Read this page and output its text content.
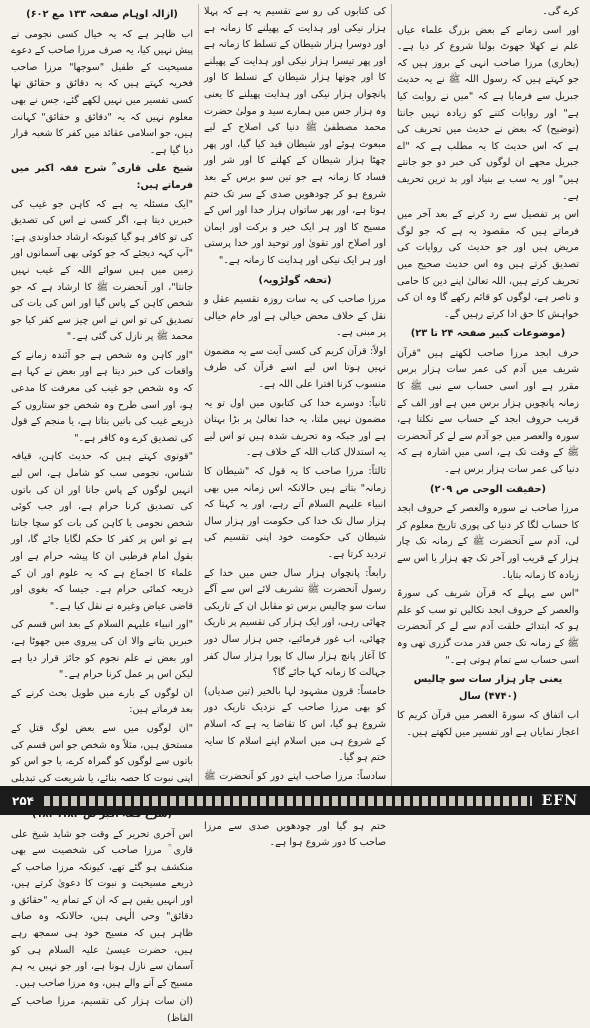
کرے گی۔

اور اسی زمانے کے بعض بزرگ علماء عیاں علم نے کھلا جھوٹ بولنا شروع کر دیا ہے۔ (بخاری) مرزا صاحب انہی کے بروز ہیں کہ جو کہتے ہیں کہ رسول اللہ ﷺ نے یہ حدیث جبریل سے فرمایا ہے کہ "میں نے روایت کیا ہے" اور روایات کتنے کو زیادہ نہیں جانتا (توضیح) کہ بعض نے حدیث میں تحریف کی ہے کہ اس حدیث کا یہ مطلب ہے کہ "اے جبریل مجھے ان لوگوں کی خبر دو جو جانتے ہیں" اور یہ سب بے بنیاد اور بد ترین تحریف ہے۔

اس پر تفصیل سے رد کرنے کے بعد آخر میں فرماتے ہیں کہ مقصود یہ ہے کہ جو لوگ مریض ہیں اور جو حدیث کی روایات کی تصدیق کرتے ہیں وہ اس حدیث صحیح میں تحریف کرتے ہیں، اللہ تعالیٰ اپنے دین کا حامی و ناصر ہے، لوگوں کو قائم رکھے گا وہ ان کی خواہش کا حق ادا کرتے رہیں گے۔

(موضوعات کبیر صفحہ ۲۴ تا ۲۳)

حرف ابجد مرزا صاحب لکھتے ہیں "قرآن شریف میں آدم کی عمر سات ہزار برس مقرر ہے اور اسی حساب سے نبی ﷺ کا زمانہ پانچویں ہزار برس میں ہے اور الف کے قریب حروف ابجد کے حساب سے نکلتا ہے، سورہ والعصر میں جو آدم سے لے کر آنحضرت ﷺ کے وقت تک ہے، اسی میں اشارہ ہے کہ دنیا کی عمر سات ہزار برس ہے۔

(حقیقت الوحی ص ۲۰۹)

مرزا صاحب نے سورہ والعصر کے حروف ابجد کا حساب لگا کر دنیا کی پوری تاریخ معلوم کر لی، آدم سے آنحضرت ﷺ کے زمانہ تک چار ہزار کے قریب اور آخر تک چھ ہزار یا اس سے زیادہ کا زمانہ بتایا۔

"اس سے پہلے کہ قرآن شریف کی سورۃ والعصر کے حروف ابجد نکالیں تو سب کو علم ہو کہ ابتدائے خلقت آدم سے لے کر آنحضرت ﷺ کے زمانہ تک جس قدر مدت گزری تھی وہ اسی حساب سے تمام ہوتی ہے۔"

یعنی چار ہزار سات سو چالیس (۴۷۴۰) سال

اب اتفاق کہ سورۃ العصر میں قرآن کریم کا اعجاز نمایاں ہے اور تفسیر میں لکھتے ہیں۔

کی کتابوں کی رو سے تقسیم یہ ہے کہ پہلا ہزار نیکی اور ہدایت کے پھیلنے کا زمانہ ہے اور دوسرا ہزار شیطان کے تسلط کا زمانہ ہے اور پھر تیسرا ہزار نیکی اور ہدایت کے پھیلنے کا اور چوتھا ہزار شیطان کے تسلط کا اور پانچواں ہزار نیکی اور ہدایت پھیلنے کا یعنی وہ ہزار جس میں ہمارے سید و مولیٰ حضرت محمد مصطفیٰ ﷺ دنیا کی اصلاح کے لیے مبعوث ہوئے اور شیطان قید کیا گیا، اور پھر چھٹا ہزار شیطان کے کھلنے کا اور شر اور فساد کا زمانہ ہے جو تین سو برس کے بعد شروع ہو کر چودھویں صدی کے سر تک ختم ہوتا ہے، اور پھر ساتواں ہزار خدا اور اس کے مسیح کا اور ہر ایک خیر و برکت اور ایمان اور اصلاح اور تقویٰ اور توحید اور خدا پرستی اور ہر ایک نیکی اور ہدایت کا زمانہ ہے۔"

(تحفہ گولڑویہ)

مرزا صاحب کی یہ سات روزہ تقسیم عقل و نقل کے خلاف محض خیالی ہے اور خام خیالی پر مبنی ہے۔

اولاً: قرآن کریم کی کسی آیت سے یہ مضمون نہیں ہوتا اس لیے اسے قرآن کی طرف منسوب کرنا افترا علی اللہ ہے۔

ثانیاً: دوسرے خدا کی کتابوں میں اول تو یہ مضمون نہیں ملتا، یہ خدا تعالیٰ پر بڑا بہتان ہے اور جبکہ وہ تحریف شدہ ہیں تو اس لیے یہ استدلال کتاب اللہ کے خلاف ہے۔

ثالثاً: مرزا صاحب کا یہ قول کہ "شیطان کا زمانہ" بتاتے ہیں حالانکہ اس زمانہ میں بھی انبیاء علیہم السلام آتے رہے، اور یہ کہنا کہ ہزار سال تک خدا کی حکومت اور ہزار سال شیطان کی حکومت خود اپنی تقسیم کی تردید کرتا ہے۔

رابعاً: پانچواں ہزار سال جس میں خدا کے رسول آنحضرت ﷺ تشریف لائے اس سے آگے سات سو چالیس برس تو مقابل ان کے تاریکی چھائی رہی، اور ایک ہزار کی تقسیم پر تاریک چھائی، اب غور فرمائیے، جس ہزار سال دور کا آغاز پانچ ہزار سال کا پورا ہزار سال کفر جہالت کا زمانہ کہا جائے گا؟

خامساً: قرون مشہود لہا بالخیر (تین صدیاں) کو بھی مرزا صاحب کے نزدیک تاریک دور شروع ہو گیا، اس کا تقاضا یہ ہے کہ اسلام کے شروع ہی میں اسلام اپنے اسلام کا سایہ ختم ہو گیا۔

سادساً: مرزا صاحب اپنے دور کو آنحضرت ﷺ ختم ہو گیا اور چودھویں صدی سے مرزا صاحب کا دور شروع ہوا ہے۔

(ازالہ اوہام صفحہ ۱۳۳ مع ۶۰۲)

اب ظاہر ہے کہ یہ خیال کسی نجومی نے پیش نہیں کیا، یہ صرف مرزا صاحب کے دعوے مسیحیت کے طفیل "سوجھا" مرزا صاحب فخریہ کہتے ہیں کہ یہ دقائق و حقائق تھا کسی تفسیر میں نہیں لکھے گئے، جس نے بھی معلوم نہیں کہ یہ "دقائق و حقائق" کہانت ہیں، جو اسلامی عقائد میں کفر کا شعبہ قرار دیا گیا ہے۔

شیخ علی قاری ؒ شرح فقہ اکبر میں فرماتے ہیں:

"ایک مسئلہ یہ ہے کہ کاہن جو غیب کی خبریں دیتا ہے، اگر کسی نے اس کی تصدیق کی تو کافر ہو گیا کیونکہ ارشاد خداوندی ہے: "آپ کہہ دیجئے کہ جو کوئی بھی آسمانوں اور زمین میں ہیں سوائے اللہ کے غیب نہیں جانتا"، اور آنحضرت ﷺ کا ارشاد ہے کہ جو شخص کاہن کے پاس گیا اور اس کی بات کی تصدیق کی تو اس نے اس چیز سے کفر کیا جو محمد ﷺ پر نازل کی گئی ہے۔"

"اور کاہن وہ شخص ہے جو آئندہ زمانے کے واقعات کی خبر دیتا ہے اور بعض نے کہا ہے کہ وہ شخص جو غیب کی معرفت کا مدعی ہو، اور اسی طرح وہ شخص جو ستاروں کے ذریعے غیب کی باتیں بتاتا ہے، یا منجم کے قول کی تصدیق کرے وہ کافر ہے۔"

"قونوی کہتے ہیں کہ حدیث کاہن، قیافہ شناس، نجومی سب کو شامل ہے، اس لیے انہیں لوگوں کے پاس جانا اور ان کی باتوں کی تصدیق کرنا حرام ہے، اور جب کوئی شخص نجومی یا کاہن کی بات کو سچا جانتا ہے تو اس پر کفر کا حکم لگایا جائے گا، اور بقول امام قرطبی ان کا پیشہ حرام ہے اور علماء کا اجماع ہے کہ یہ علوم اور ان کے ذریعہ کمائی حرام ہے۔ جیسا کہ بغوی اور قاضی عیاض وغیرہ نے نقل کیا ہے۔"

"اور انبیاء علیہم السلام کے بعد اس قسم کی خبریں بتانے والا ان کی پیروی میں جھوٹا ہے، اور بعض نے علم نجوم کو جائز قرار دیا ہے لیکن اس پر عمل کرنا حرام ہے۔"

ان لوگوں کے بارے میں طویل بحث کرنے کے بعد فرماتے ہیں:

"ان لوگوں میں سے بعض لوگ قتل کے مستحق ہیں، مثلاً وہ شخص جو اس قسم کی باتوں سے لوگوں کو گمراہ کرے، یا جو اس کو اپنی نبوت کا حصہ بنائے، یا شریعت کی تبدیلی

اس آخری تحریر کے وقت جو شاید شیخ علی قاری ؒ مرزا صاحب کی شخصیت سے بھی منکشف ہو گئے تھے، کیونکہ مرزا صاحب کے ذریعے مسیحیت و نبوت کا دعویٰ کرتے ہیں، اور انہیں یقین ہے کہ ان کے تمام یہ "حقائق و دقائق" وحی الٰہی ہیں، حالانکہ وہ صاف ظاہر ہیں کہ مسیح خود ہی سمجھ رہے ہیں، حضرت عیسیٰ علیہ السلام ہی کو آسمان سے نازل ہونا ہے، اور جو نہیں یہ ہم مسیح کے آنے والے ہیں، وہ مرزا صاحب ہیں۔

(ان سات ہزار کی تقسیم، مرزا صاحب کے الفاظ)

۲۵۴	EFN
